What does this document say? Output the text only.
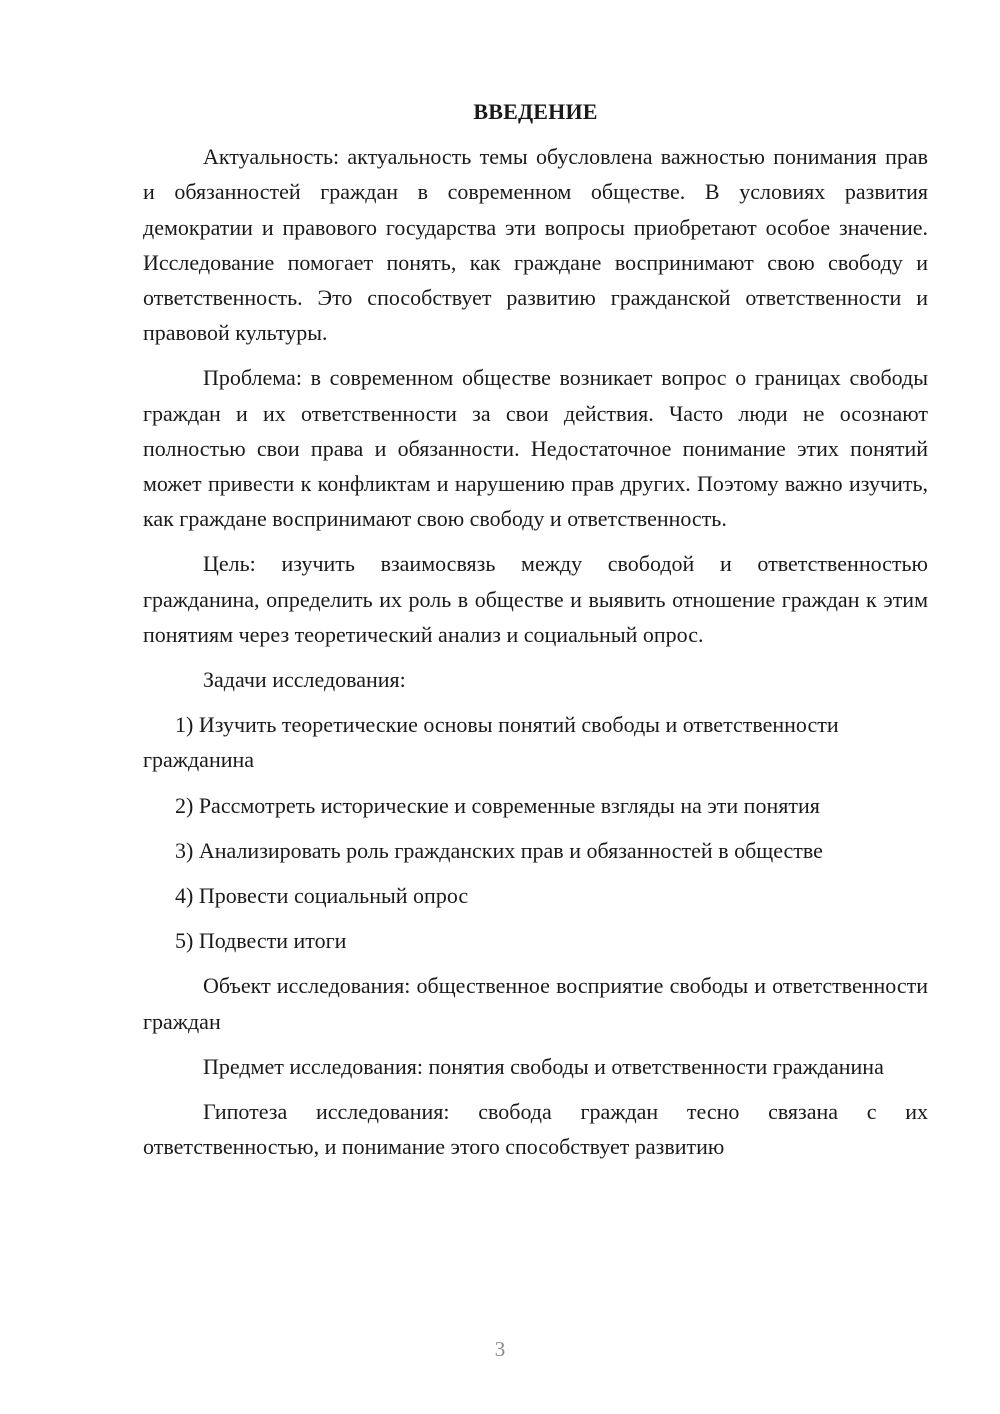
ВВЕДЕНИЕ

Актуальность: актуальность темы обусловлена важностью понимания прав и обязанностей граждан в современном обществе. В условиях развития демократии и правового государства эти вопросы приобретают особое значение. Исследование помогает понять, как граждане воспринимают свою свободу и ответственность. Это способствует развитию гражданской ответственности и правовой культуры.

Проблема: в современном обществе возникает вопрос о границах свободы граждан и их ответственности за свои действия. Часто люди не осознают полностью свои права и обязанности. Недостаточное понимание этих понятий может привести к конфликтам и нарушению прав других. Поэтому важно изучить, как граждане воспринимают свою свободу и ответственность.

Цель: изучить взаимосвязь между свободой и ответственностью гражданина, определить их роль в обществе и выявить отношение граждан к этим понятиям через теоретический анализ и социальный опрос.

Задачи исследования:

1) Изучить теоретические основы понятий свободы и ответственности гражданина

2) Рассмотреть исторические и современные взгляды на эти понятия

3) Анализировать роль гражданских прав и обязанностей в обществе

4) Провести социальный опрос

5) Подвести итоги

Объект исследования: общественное восприятие свободы и ответственности граждан

Предмет исследования: понятия свободы и ответственности гражданина

Гипотеза исследования: свобода граждан тесно связана с их ответственностью, и понимание этого способствует развитию

3
